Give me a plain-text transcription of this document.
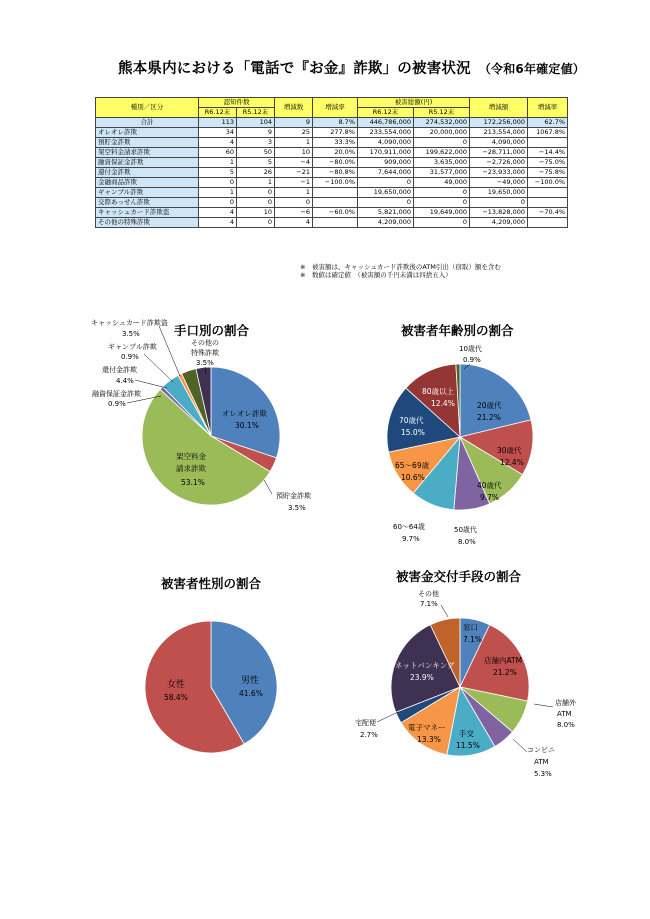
熊本県内における「電話で『お金』詐欺」の被害状況 （令和6年確定値）
種別／区分	認知件数		増減数	増減率	被害総額(円)		増減額	増減率
	R6.12末	R5.12末			R6.12末	R5.12末		
合計	113	104	9	8.7%	446,786,000	274,532,000	172,256,000	62.7%
オレオレ詐欺	34	9	25	277.8%	233,554,000	20,000,000	213,554,000	1067.8%
預貯金詐欺	4	3	1	33.3%	4,090,000	0	4,090,000	
架空料金請求詐欺	60	50	10	20.0%	170,911,000	199,622,000	−28,711,000	−14.4%
融資保証金詐欺	1	5	−4	−80.0%	909,000	3,635,000	−2,726,000	−75.0%
還付金詐欺	5	26	−21	−80.8%	7,644,000	31,577,000	−23,933,000	−75.8%
金融商品詐欺	0	1	−1	−100.0%	0	49,000	−49,000	−100.0%
ギャンブル詐欺	1	0	1		19,650,000	0	19,650,000	
交際あっせん詐欺	0	0	0		0	0	0	
キャッシュカード詐欺盗	4	10	−6	−60.0%	5,821,000	19,649,000	−13,828,000	−70.4%
その他の特殊詐欺	4	0	4		4,209,000	0	4,209,000	
※　被害額は、キャッシュカード詐欺後のATM引出（窃取）額を含む
※　数値は確定値　（被害額の千円未満は四捨五入）
手口別の割合
オレオレ詐欺
30.1%
架空料金
請求詐欺
53.1%
預貯金詐欺
3.5%
キャッシュカード詐欺盗
3.5%
その他の
特殊詐欺
3.5%
ギャンブル詐欺
0.9%
還付金詐欺
4.4%
融資保証金詐欺
0.9%
被害者年齢別の割合
10歳代
0.9%
20歳代
21.2%
30歳代
12.4%
40歳代
9.7%
50歳代
8.0%
60～64歳
9.7%
65～69歳
10.6%
70歳代
15.0%
80歳以上
12.4%
被害者性別の割合
男性
41.6%
女性
58.4%
被害金交付手段の割合
その他
7.1%
窓口
7.1%
店舗内ATM
21.2%
店舗外
ATM
8.0%
コンビニ
ATM
5.3%
手交
11.5%
電子マネー
13.3%
宅配便
2.7%
ネットバンキング
23.9%
